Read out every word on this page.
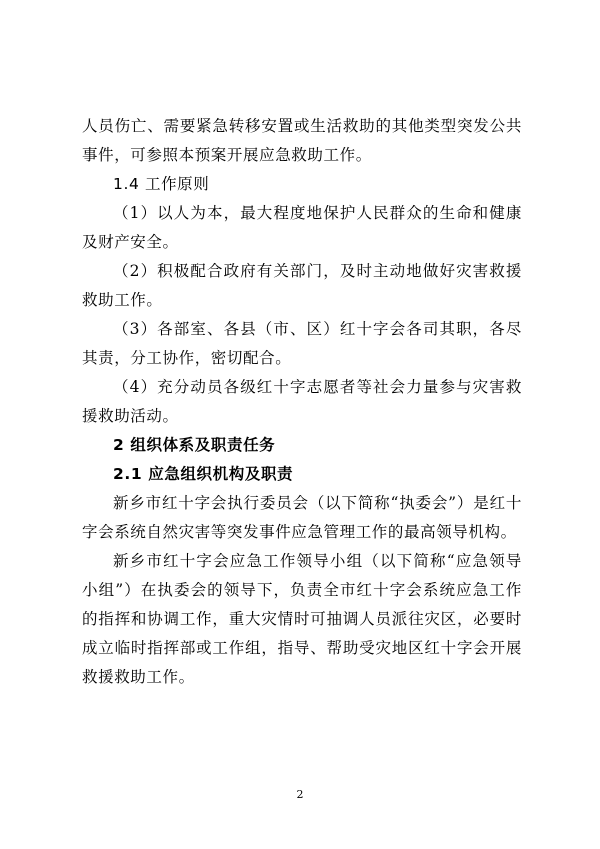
人员伤亡、需要紧急转移安置或生活救助的其他类型突发公共事件，可参照本预案开展应急救助工作。

1.4 工作原则

（1）以人为本，最大程度地保护人民群众的生命和健康及财产安全。

（2）积极配合政府有关部门，及时主动地做好灾害救援救助工作。

（3）各部室、各县（市、区）红十字会各司其职，各尽其责，分工协作，密切配合。

（4）充分动员各级红十字志愿者等社会力量参与灾害救援救助活动。

2 组织体系及职责任务

2.1 应急组织机构及职责

新乡市红十字会执行委员会（以下简称“执委会”）是红十字会系统自然灾害等突发事件应急管理工作的最高领导机构。

新乡市红十字会应急工作领导小组（以下简称“应急领导小组”）在执委会的领导下，负责全市红十字会系统应急工作的指挥和协调工作，重大灾情时可抽调人员派往灾区，必要时成立临时指挥部或工作组，指导、帮助受灾地区红十字会开展救援救助工作。

2
